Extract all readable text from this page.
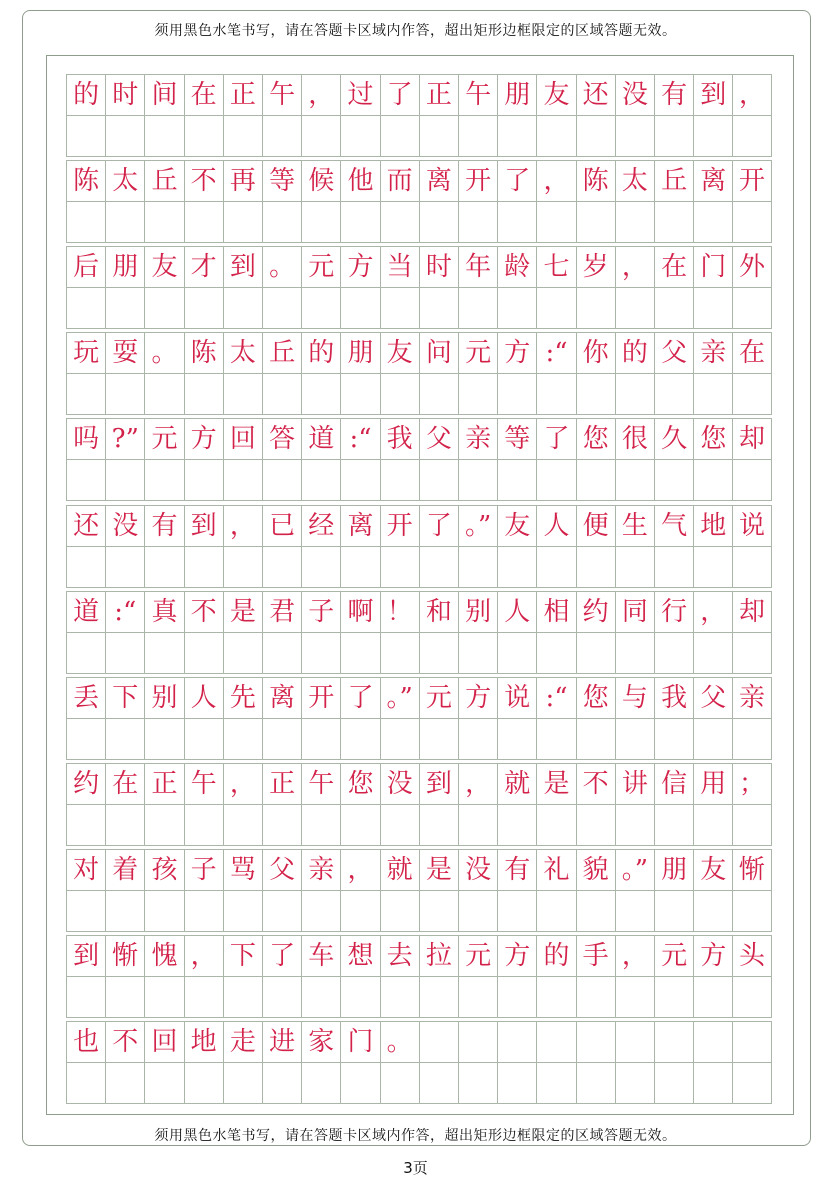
须用黑色水笔书写，请在答题卡区域内作答，超出矩形边框限定的区域答题无效。
的 时 间 在 正 午 ， 过 了 正 午 朋 友 还 没 有 到 ，
陈 太 丘 不 再 等 候 他 而 离 开 了 ， 陈 太 丘 离 开
后 朋 友 才 到 。 元 方 当 时 年 龄 七 岁 ， 在 门 外
玩 耍 。 陈 太 丘 的 朋 友 问 元 方 :“ 你 的 父 亲 在
吗 ?” 元 方 回 答 道 :“ 我 父 亲 等 了 您 很 久 您 却
还 没 有 到 ， 已 经 离 开 了 。” 友 人 便 生 气 地 说
道 :“ 真 不 是 君 子 啊 ！ 和 别 人 相 约 同 行 ， 却
丢 下 别 人 先 离 开 了 。” 元 方 说 :“ 您 与 我 父 亲
约 在 正 午 ， 正 午 您 没 到 ， 就 是 不 讲 信 用 ；
对 着 孩 子 骂 父 亲 ， 就 是 没 有 礼 貌 。” 朋 友 惭
到 惭 愧 ， 下 了 车 想 去 拉 元 方 的 手 ， 元 方 头
也 不 回 地 走 进 家 门 。
须用黑色水笔书写，请在答题卡区域内作答，超出矩形边框限定的区域答题无效。
3页
